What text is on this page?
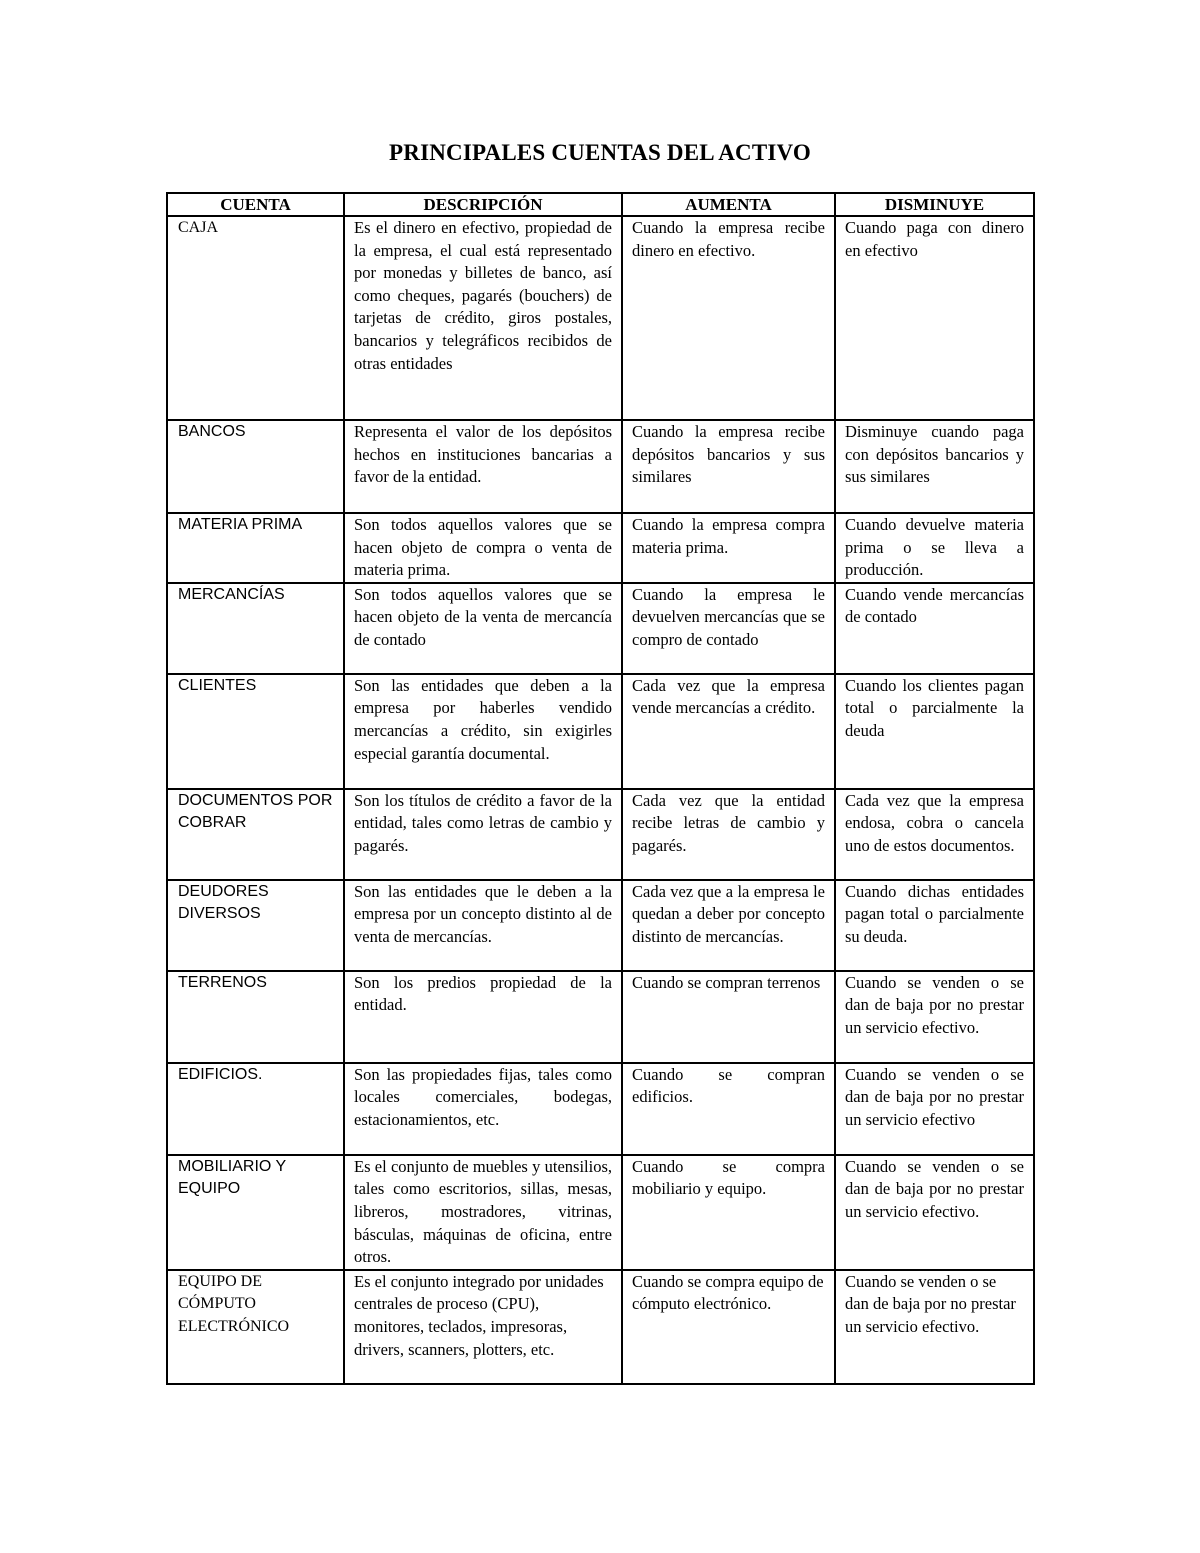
PRINCIPALES CUENTAS DEL ACTIVO
CUENTA	DESCRIPCIÓN	AUMENTA	DISMINUYE
CAJA	Es el dinero en efectivo, propiedad de la empresa, el cual está representado por monedas y billetes de banco, así como cheques, pagarés (bouchers) de tarjetas de crédito, giros postales, bancarios y telegráficos recibidos de otras entidades	Cuando la empresa recibe dinero en efectivo.	Cuando paga con dinero en efectivo
BANCOS	Representa el valor de los depósitos hechos en instituciones bancarias a favor de la entidad.	Cuando la empresa recibe depósitos bancarios y sus similares	Disminuye cuando paga con depósitos bancarios y sus similares
MATERIA PRIMA	Son todos aquellos valores que se hacen objeto de compra o venta de materia prima.	Cuando la empresa compra materia prima.	Cuando devuelve materia prima o se lleva a producción.
MERCANCÍAS	Son todos aquellos valores que se hacen objeto de la venta de mercancía de contado	Cuando la empresa le devuelven mercancías que se compro de contado	Cuando vende mercancías de contado
CLIENTES	Son las entidades que deben a la empresa por haberles vendido mercancías a crédito, sin exigirles especial garantía documental.	Cada vez que la empresa vende mercancías a crédito.	Cuando los clientes pagan total o parcialmente la deuda
DOCUMENTOS POR COBRAR	Son los títulos de crédito a favor de la entidad, tales como letras de cambio y pagarés.	Cada vez que la entidad recibe letras de cambio y pagarés.	Cada vez que la empresa endosa, cobra o cancela uno de estos documentos.
DEUDORES DIVERSOS	Son las entidades que le deben a la empresa por un concepto distinto al de venta de mercancías.	Cada vez que a la empresa le quedan a deber por concepto distinto de mercancías.	Cuando dichas entidades pagan total o parcialmente su deuda.
TERRENOS	Son los predios propiedad de la entidad.	Cuando se compran terrenos	Cuando se venden o se dan de baja por no prestar un servicio efectivo.
EDIFICIOS.	Son las propiedades fijas, tales como locales comerciales, bodegas, estacionamientos, etc.	Cuando se compran edificios.	Cuando se venden o se dan de baja por no prestar un servicio efectivo
MOBILIARIO Y EQUIPO	Es el conjunto de muebles y utensilios, tales como escritorios, sillas, mesas, libreros, mostradores, vitrinas, básculas, máquinas de oficina, entre otros.	Cuando se compra mobiliario y equipo.	Cuando se venden o se dan de baja por no prestar un servicio efectivo.
EQUIPO DE CÓMPUTO ELECTRÓNICO	Es el conjunto integrado por unidades centrales de proceso (CPU), monitores, teclados, impresoras, drivers, scanners, plotters, etc.	Cuando se compra equipo de cómputo electrónico.	Cuando se venden o se dan de baja por no prestar un servicio efectivo.
